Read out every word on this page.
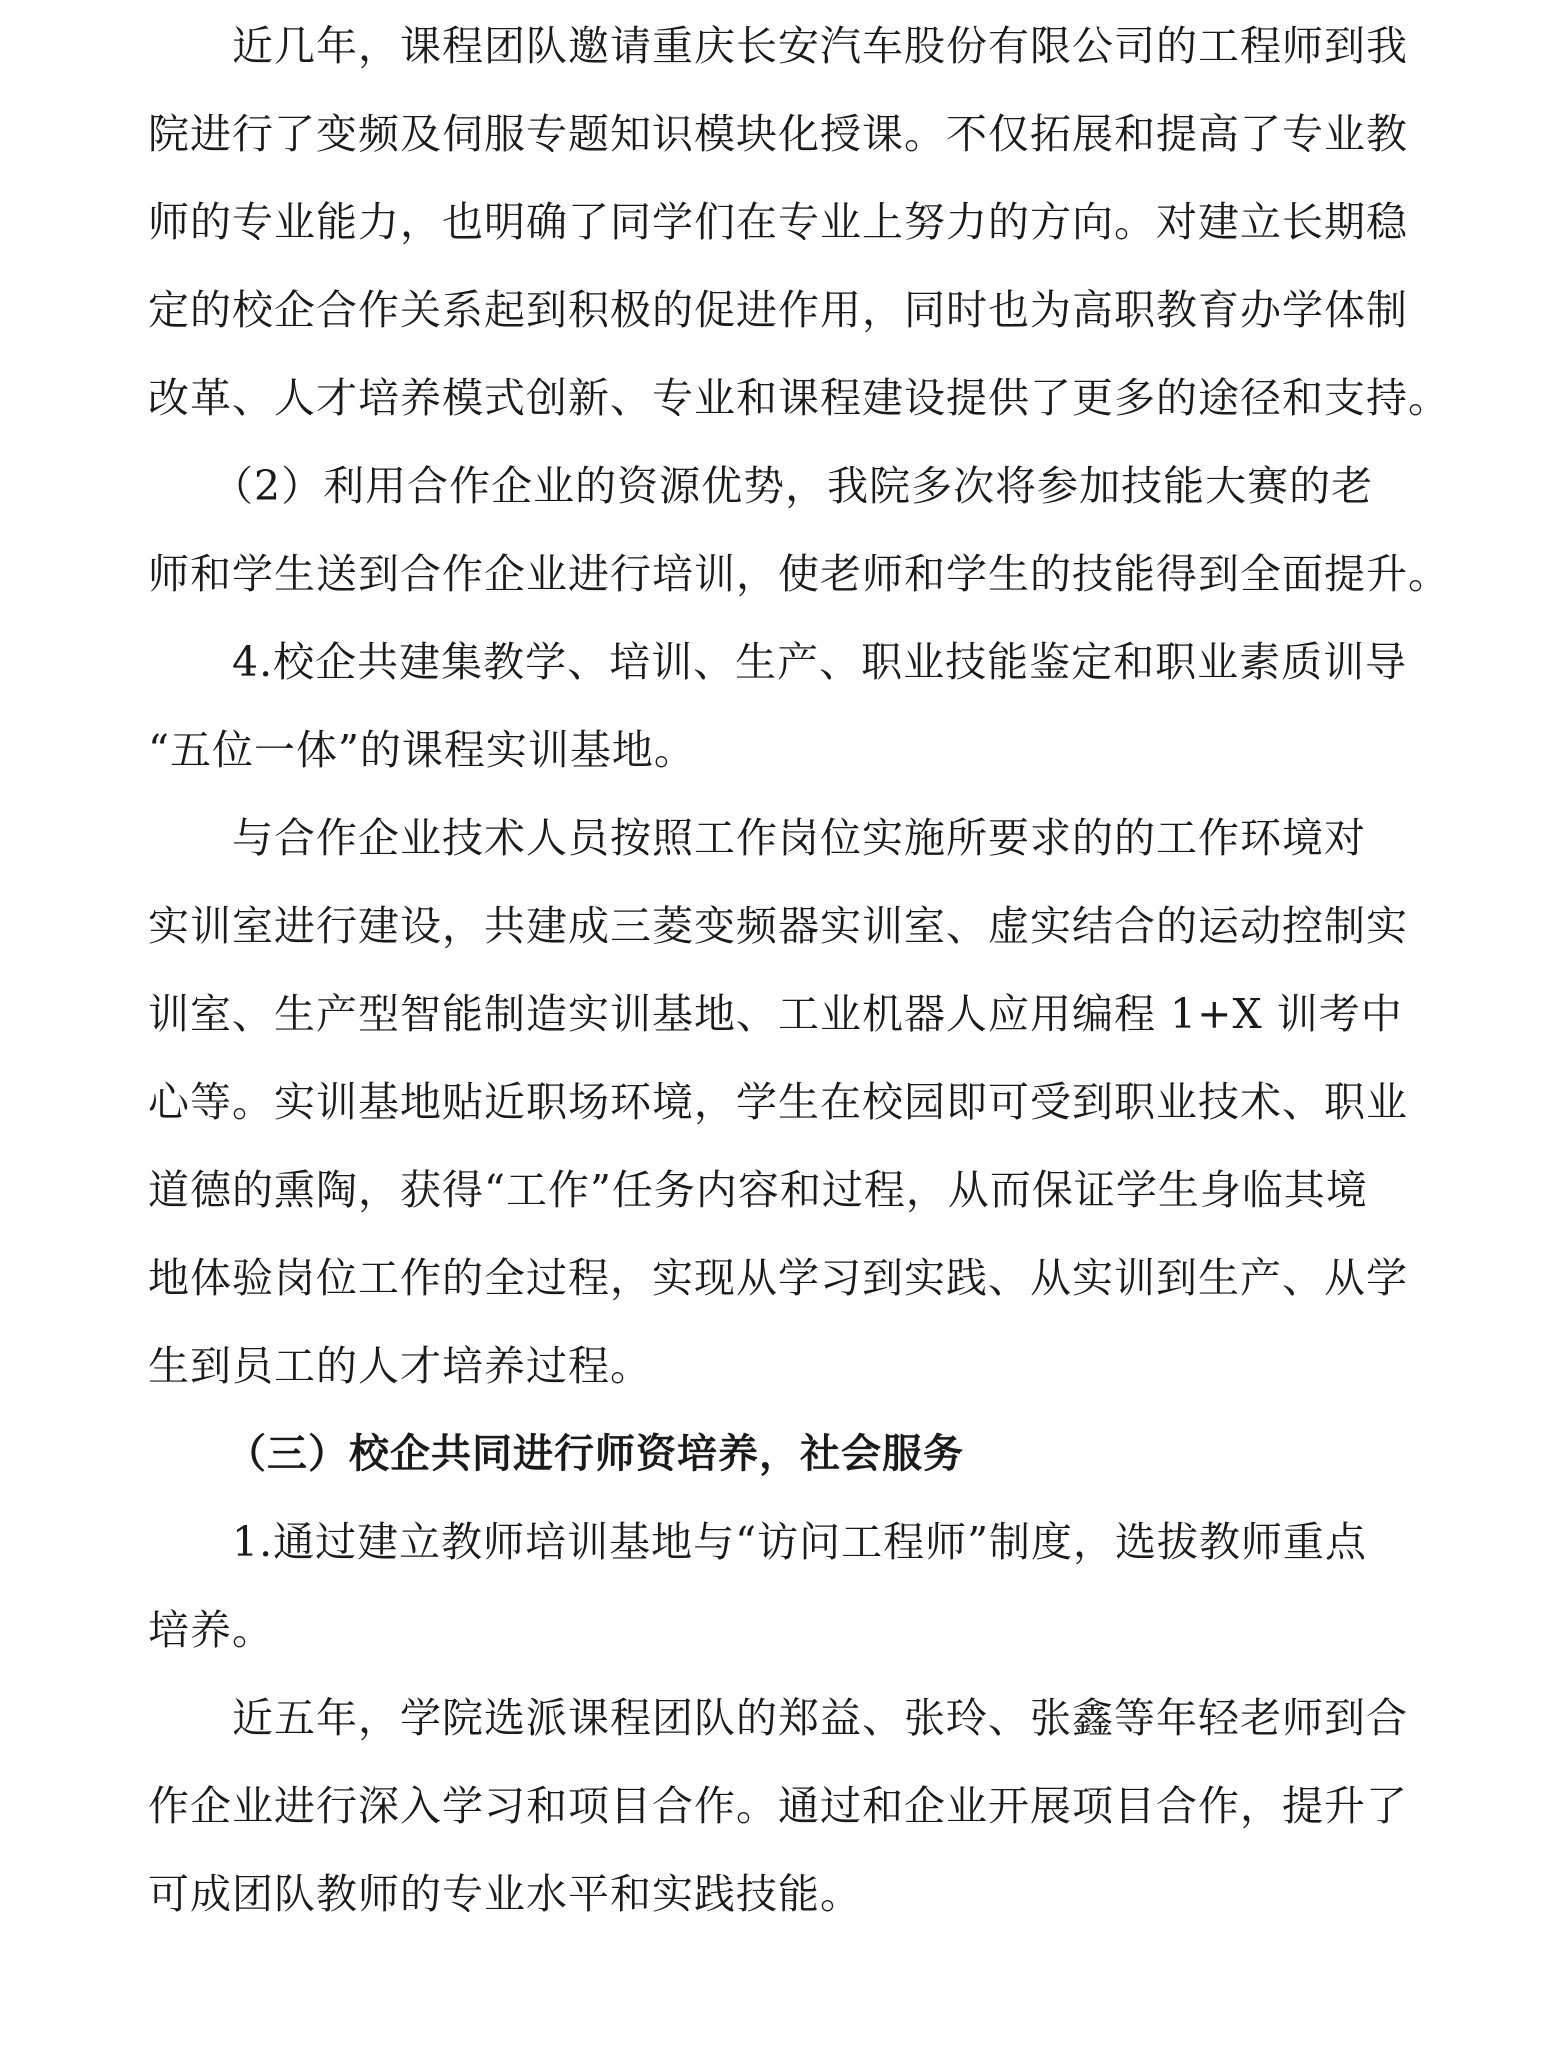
近几年，课程团队邀请重庆长安汽车股份有限公司的工程师到我
院进行了变频及伺服专题知识模块化授课。不仅拓展和提高了专业教
师的专业能力，也明确了同学们在专业上努力的方向。对建立长期稳
定的校企合作关系起到积极的促进作用，同时也为高职教育办学体制
改革、人才培养模式创新、专业和课程建设提供了更多的途径和支持。
（2）利用合作企业的资源优势，我院多次将参加技能大赛的老
师和学生送到合作企业进行培训，使老师和学生的技能得到全面提升。
4.校企共建集教学、培训、生产、职业技能鉴定和职业素质训导
“五位一体”的课程实训基地。
与合作企业技术人员按照工作岗位实施所要求的的工作环境对
实训室进行建设，共建成三菱变频器实训室、虚实结合的运动控制实
训室、生产型智能制造实训基地、工业机器人应用编程 1+X 训考中
心等。实训基地贴近职场环境，学生在校园即可受到职业技术、职业
道德的熏陶，获得“工作”任务内容和过程，从而保证学生身临其境
地体验岗位工作的全过程，实现从学习到实践、从实训到生产、从学
生到员工的人才培养过程。
（三）校企共同进行师资培养，社会服务
1.通过建立教师培训基地与“访问工程师”制度，选拔教师重点
培养。
近五年，学院选派课程团队的郑益、张玲、张鑫等年轻老师到合
作企业进行深入学习和项目合作。通过和企业开展项目合作，提升了
可成团队教师的专业水平和实践技能。
